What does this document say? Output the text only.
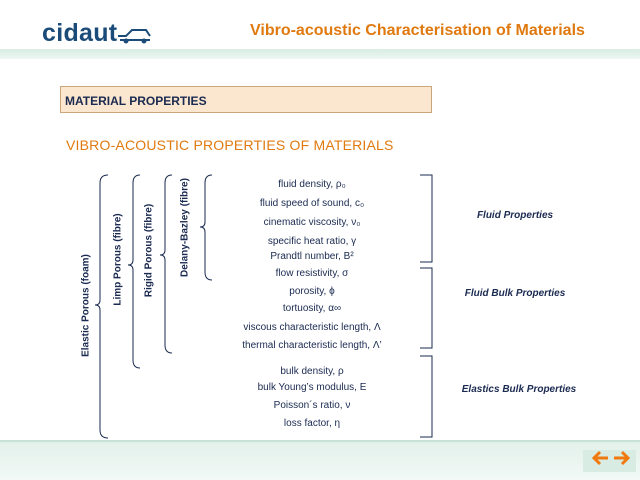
cidaut	Vibro-acoustic Characterisation of Materials
MATERIAL PROPERTIES
VIBRO-ACOUSTIC PROPERTIES OF MATERIALS
Elastic Porous (foam) Limp Porous (fibre) Rigid Porous (fibre)	Delany-Bazley (fibre)	fluid density, ρ₀
fluid speed of sound, c₀
cinematic viscosity, ν₀
specific heat ratio, γ
Prandtl number, B²
flow resistivity, σ
porosity, ϕ
tortuosity, α∞
viscous characteristic length, Λ
thermal characteristic length, Λ’
bulk density, ρ
bulk Young’s modulus, E
Poisson´s ratio, ν
loss factor, η
Fluid Properties
Fluid Bulk Properties
Elastics Bulk Properties
